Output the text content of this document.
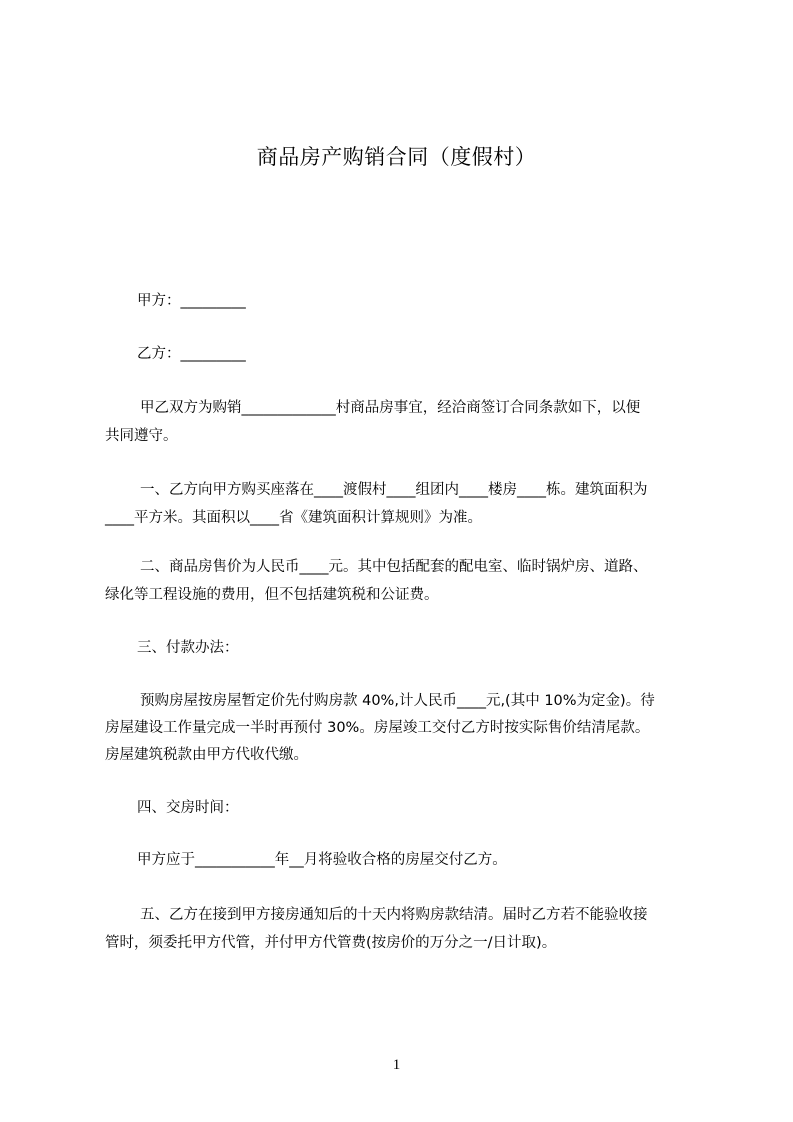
商品房产购销合同（度假村）
甲方：_________
乙方：_________
甲乙双方为购销_____________村商品房事宜，经洽商签订合同条款如下，以便
共同遵守。
一、乙方向甲方购买座落在____渡假村____组团内____楼房____栋。建筑面积为
____平方米。其面积以____省《建筑面积计算规则》为准。
二、商品房售价为人民币____元。其中包括配套的配电室、临时锅炉房、道路、
绿化等工程设施的费用，但不包括建筑税和公证费。
三、付款办法：
预购房屋按房屋暂定价先付购房款 40%,计人民币____元,(其中 10%为定金)。待
房屋建设工作量完成一半时再预付 30%。房屋竣工交付乙方时按实际售价结清尾款。
房屋建筑税款由甲方代收代缴。
四、交房时间：
甲方应于___________年__月将验收合格的房屋交付乙方。
五、乙方在接到甲方接房通知后的十天内将购房款结清。届时乙方若不能验收接
管时，须委托甲方代管，并付甲方代管费(按房价的万分之一/日计取)。
1
